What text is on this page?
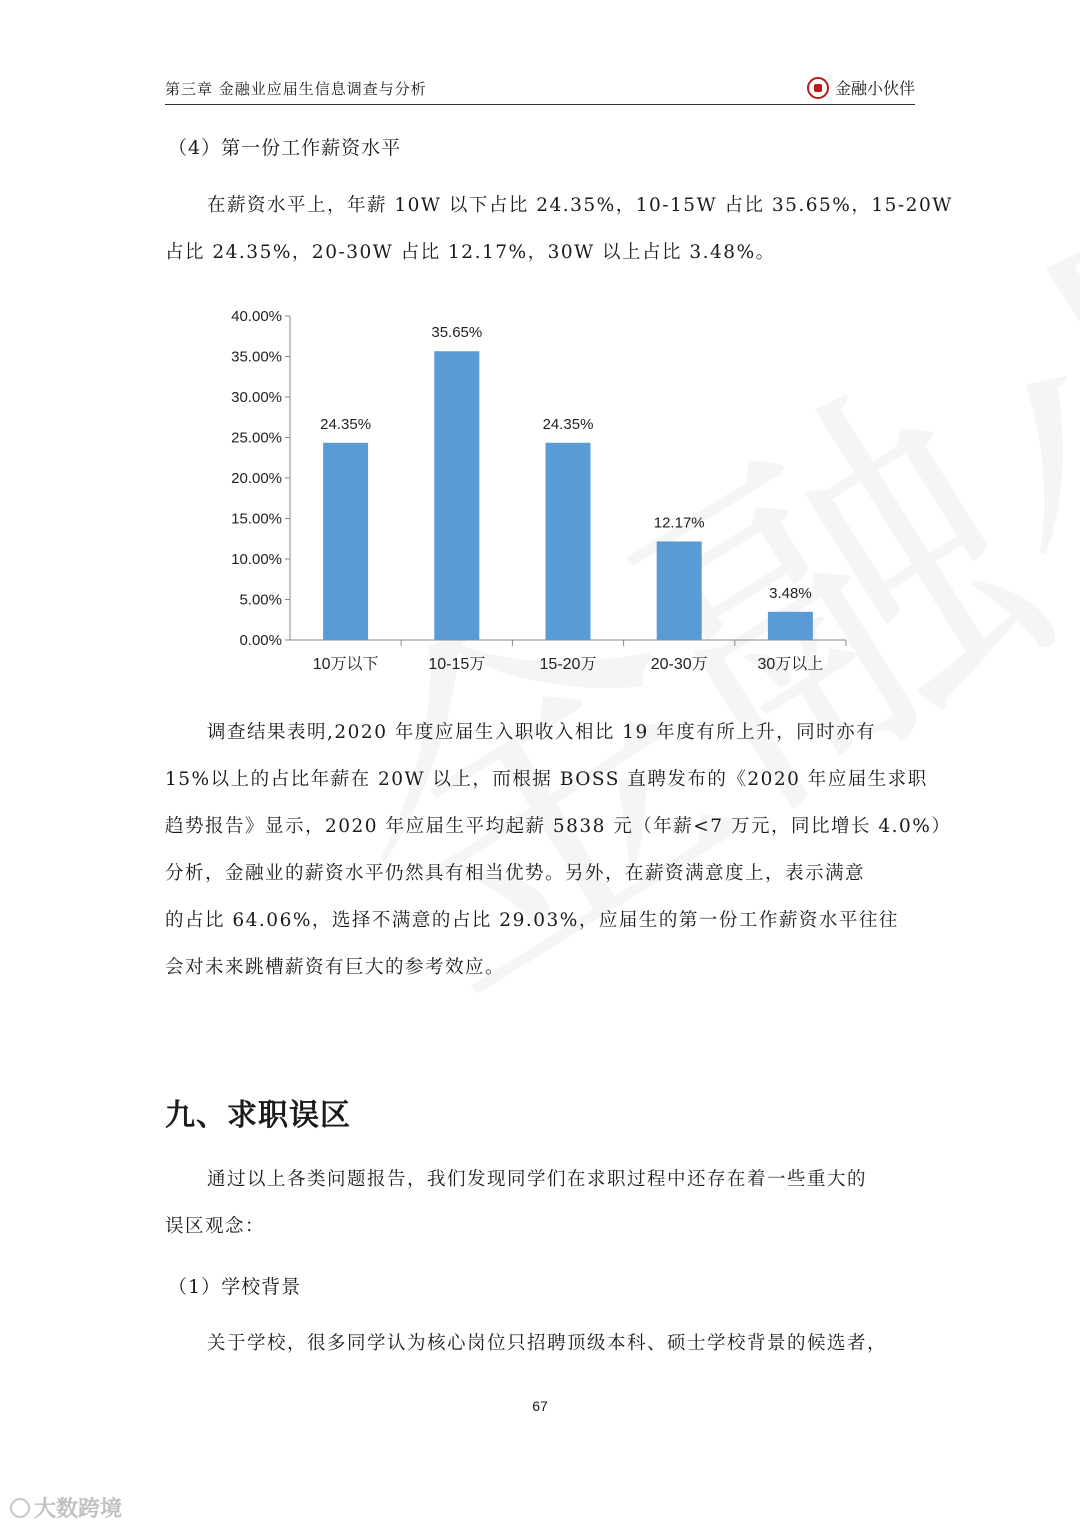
第三章 金融业应届生信息调查与分析	金融小伙伴
（4）第一份工作薪资水平
在薪资水平上，年薪 10W 以下占比 24.35%，10-15W 占比 35.65%，15-20W
占比 24.35%，20-30W 占比 12.17%，30W 以上占比 3.48%。
0.00%
5.00%
10.00%
15.00%
20.00%
25.00%
30.00%
35.00%
40.00%
24.35%
10万以下
35.65%
10-15万
24.35%
15-20万
12.17%
20-30万
3.48%
30万以上
调查结果表明,2020 年度应届生入职收入相比 19 年度有所上升，同时亦有
15%以上的占比年薪在 20W 以上，而根据 BOSS 直聘发布的《2020 年应届生求职
趋势报告》显示，2020 年应届生平均起薪 5838 元（年薪<7 万元，同比增长 4.0%）
分析，金融业的薪资水平仍然具有相当优势。另外，在薪资满意度上，表示满意
的占比 64.06%，选择不满意的占比 29.03%，应届生的第一份工作薪资水平往往
会对未来跳槽薪资有巨大的参考效应。
九、求职误区
通过以上各类问题报告，我们发现同学们在求职过程中还存在着一些重大的
误区观念：
（1）学校背景
关于学校，很多同学认为核心岗位只招聘顶级本科、硕士学校背景的候选者，
67
大数跨境
